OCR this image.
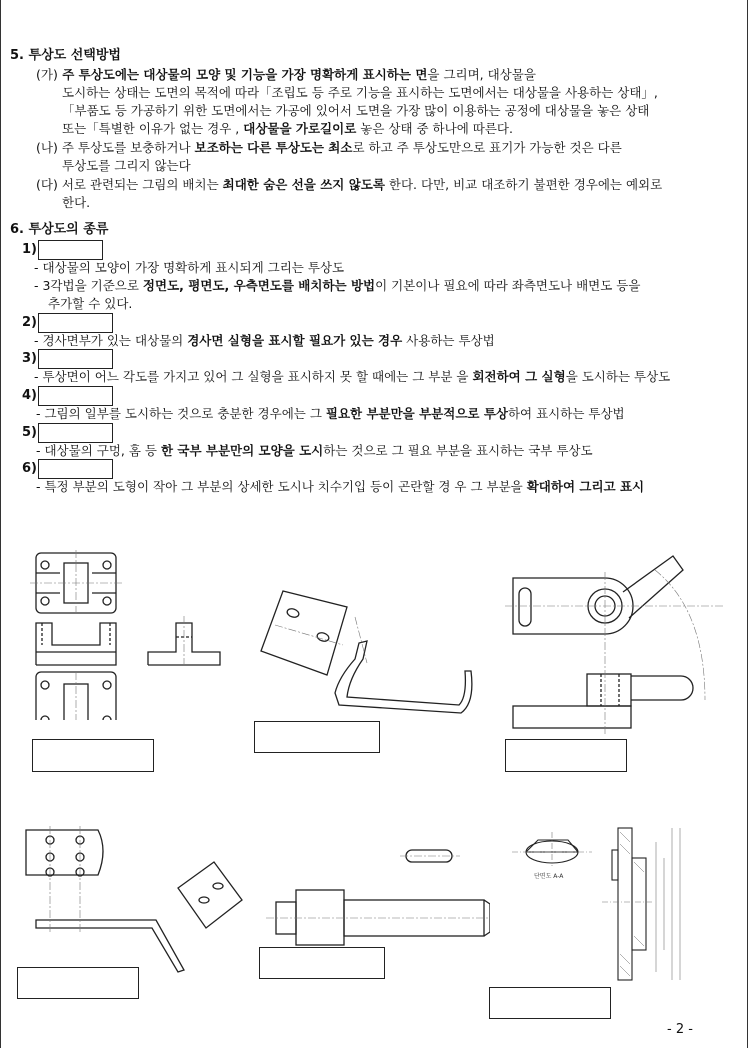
5. 투상도 선택방법
(가) 주 투상도에는 대상물의 모양 및 기능을 가장 명확하게 표시하는 면을 그리며, 대상물을
도시하는 상태는 도면의 목적에 따라「조립도 등 주로 기능을 표시하는 도면에서는 대상물을 사용하는 상태」,
「부품도 등 가공하기 위한 도면에서는 가공에 있어서 도면을 가장 많이 이용하는 공정에 대상물을 놓은 상태
또는「특별한 이유가 없는 경우 , 대상물을 가로길이로 놓은 상태 중 하나에 따른다.
(나) 주 투상도를 보충하거나 보조하는 다른 투상도는 최소로 하고 주 투상도만으로 표기가 가능한 것은 다른
투상도를 그리지 않는다
(다) 서로 관련되는 그림의 배치는 최대한 숨은 선을 쓰지 않도록 한다. 다만, 비교 대조하기 불편한 경우에는 예외로
한다.
6. 투상도의 종류
1)
- 대상물의 모양이 가장 명확하게 표시되게 그리는 투상도
- 3각법을 기준으로 정면도, 평면도, 우측면도를 배치하는 방법이 기본이나 필요에 따라 좌측면도나 배면도 등을
추가할 수 있다.
2)
- 경사면부가 있는 대상물의 경사면 실형을 표시할 필요가 있는 경우 사용하는 투상법
3)
- 투상면이 어느 각도를 가지고 있어 그 실형을 표시하지 못 할 때에는 그 부분 을 회전하여 그 실형을 도시하는 투상도
4)
- 그림의 일부를 도시하는 것으로 충분한 경우에는 그 필요한 부분만을 부분적으로 투상하여 표시하는 투상법
5)
- 대상물의 구멍, 홈 등 한 국부 부분만의 모양을 도시하는 것으로 그 필요 부분을 표시하는 국부 투상도
6)
- 특정 부분의 도형이 작아 그 부분의 상세한 도시나 치수기입 등이 곤란할 경 우 그 부분을 확대하여 그리고 표시
단면도 A-A
- 2 -
